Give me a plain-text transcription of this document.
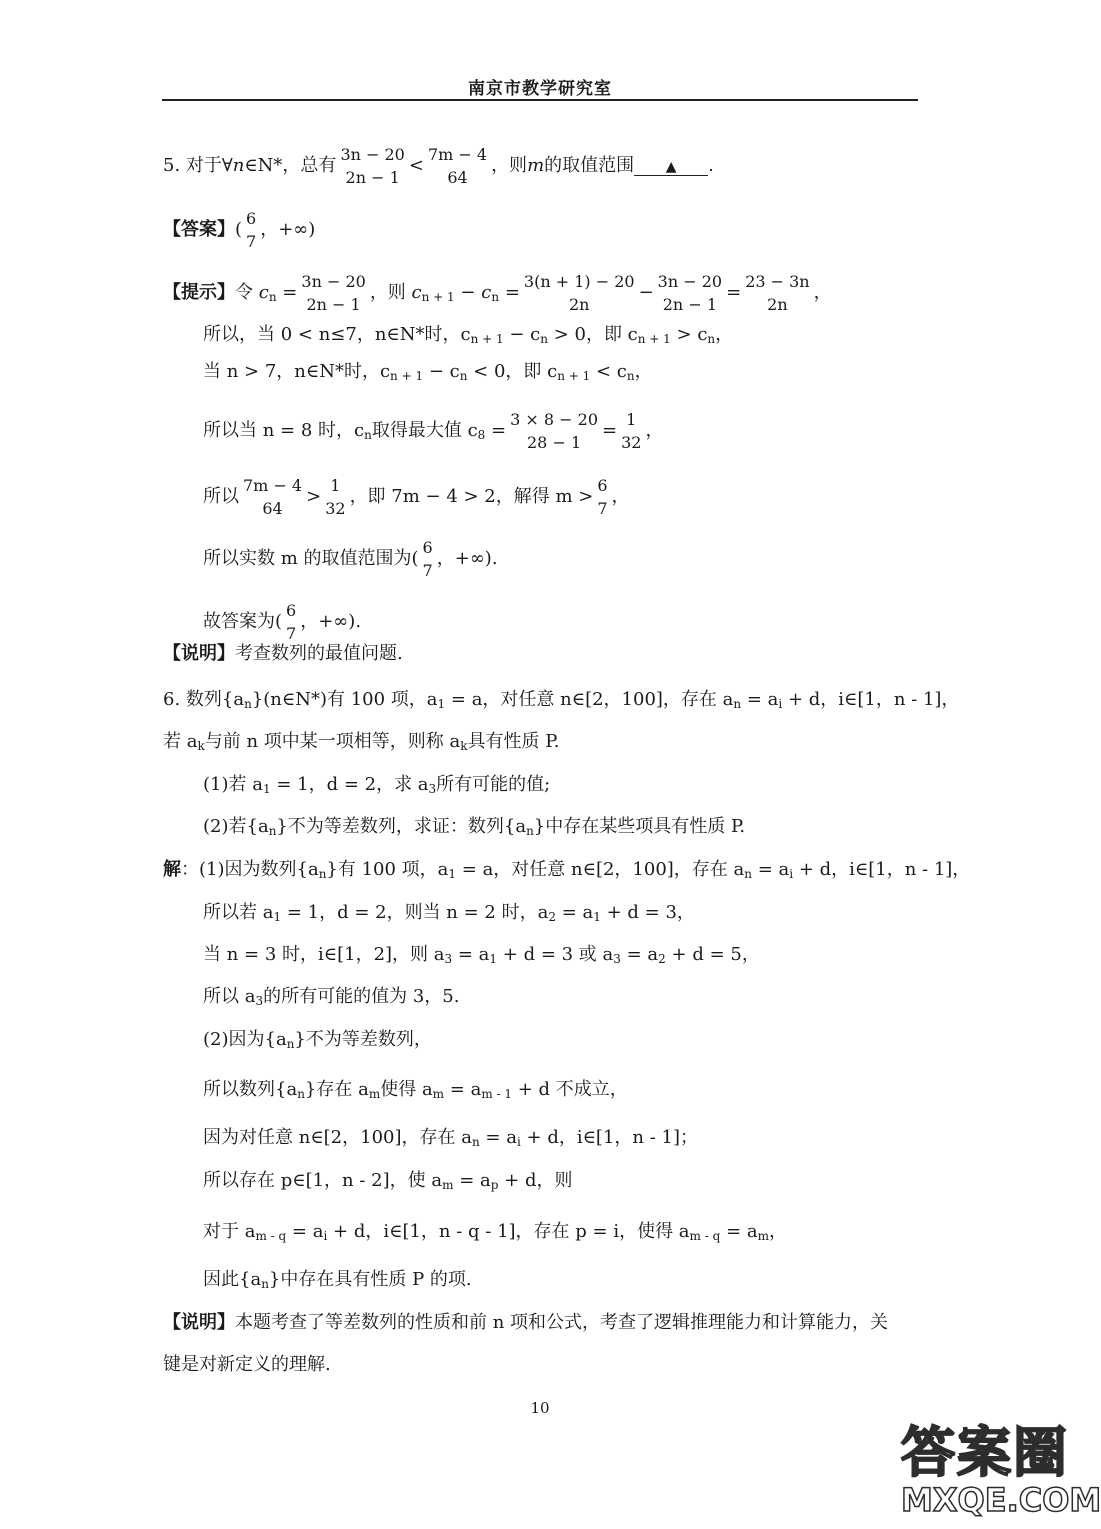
南京市教学研究室
5. 对于∀n∈N*，总有
3n − 20
2n − 1
<
7m − 4
64
，则m的取值范围 ▲ .
【答案】(
6
7
，+∞)
【提示】令 $c_n$ =
3n − 20
2n − 1
，则 $c_{n + 1} - c_n$ =
3(n + 1) − 20
2n
−
3n − 20
2n − 1
=
23 − 3n
2n
，
所以，当 0 < n≤7，n∈N*时，$c_{n + 1} - c_n > 0$，即 $c_{n + 1} > c_n$，
当 n > 7，n∈N*时，$c_{n + 1} - c_n < 0$，即 $c_{n + 1} < c_n$，
所以当 n = 8 时，$c_n$取得最大值 $c_8$ =
3 × 8 − 20
28 − 1
=
1
32
，
所以
7m − 4
64
>
1
32
，即 7m − 4 > 2，解得 m >
6
7
，
所以实数 m 的取值范围为(
6
7
，+∞).
故答案为(
6
7
，+∞).
【说明】考查数列的最值问题.
6. 数列$\{a_n\}(n\in N*)$有 100 项，$a_1 = a$，对任意 n∈[2，100]，存在 $a_n = a_i + d$，i∈[1，n - 1]，
若 $a_k$与前 n 项中某一项相等，则称 $a_k$具有性质 P.
(1)若 $a_1 = 1$，d = 2，求 $a_3$所有可能的值;
(2)若$\{a_n\}$不为等差数列，求证：数列$\{a_n\}$中存在某些项具有性质 P.
解：(1)因为数列$\{a_n\}$有 100 项，$a_1 = a$，对任意 n∈[2，100]，存在 $a_n = a_i + d$，i∈[1，n - 1]，
所以若 $a_1 = 1$，d = 2，则当 n = 2 时，$a_2 = a_1 + d = 3$，
当 n = 3 时，i∈[1，2]，则 $a_3 = a_1 + d = 3$ 或 $a_3 = a_2 + d = 5$，
所以 $a_3$的所有可能的值为 3，5.
(2)因为$\{a_n\}$不为等差数列，
所以数列$\{a_n\}$存在 $a_m$使得 $a_m = a_{m - 1} + d$ 不成立，
因为对任意 n∈[2，100]，存在 $a_n = a_i + d$，i∈[1，n - 1]；
所以存在 p∈[1，n - 2]，使 $a_m = a_p + d$，则
对于 $a_{m - q} = a_i + d$，i∈[1，n - q - 1]，存在 p = i，使得 $a_{m - q} = a_m$，
因此$\{a_n\}$中存在具有性质 P 的项.
【说明】本题考查了等差数列的性质和前 n 项和公式，考查了逻辑推理能力和计算能力，关
键是对新定义的理解.
10
答案圈
MXQE.COM
